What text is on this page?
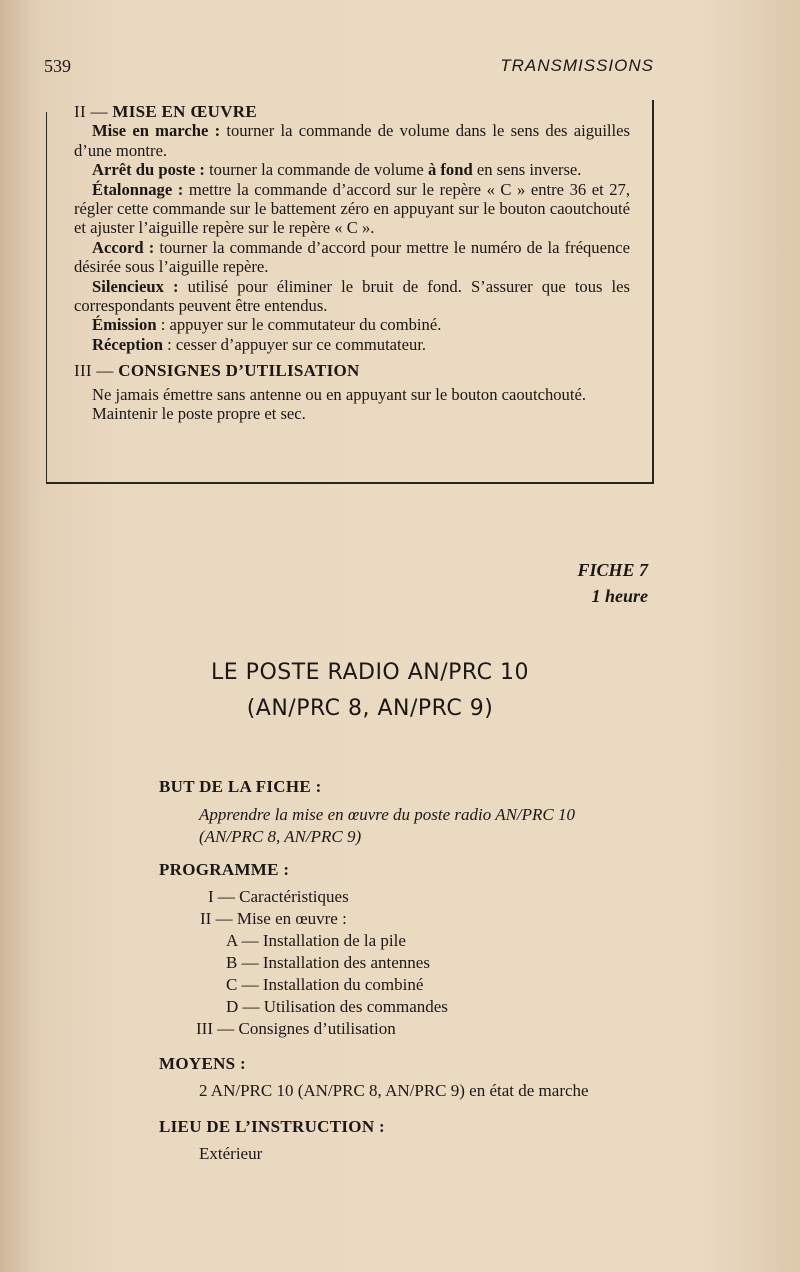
539	TRANSMISSIONS

II — MISE EN ŒUVRE

Mise en marche : tourner la commande de volume dans le sens des aiguilles d’une montre.

Arrêt du poste : tourner la commande de volume à fond en sens inverse.

Étalonnage : mettre la commande d’accord sur le repère « C » entre 36 et 27, régler cette commande sur le battement zéro en appuyant sur le bouton caoutchouté et ajuster l’aiguille repère sur le repère « C ».

Accord : tourner la commande d’accord pour mettre le numéro de la fréquence désirée sous l’aiguille repère.

Silencieux : utilisé pour éliminer le bruit de fond. S’assurer que tous les correspondants peuvent être entendus.

Émission : appuyer sur le commutateur du combiné.

Réception : cesser d’appuyer sur ce commutateur.

III — CONSIGNES D’UTILISATION

Ne jamais émettre sans antenne ou en appuyant sur le bouton caoutchouté.

Maintenir le poste propre et sec.

FICHE 7
1 heure
LE POSTE RADIO AN/PRC 10
(AN/PRC 8, AN/PRC 9)
BUT DE LA FICHE :
Apprendre la mise en œuvre du poste radio AN/PRC 10
(AN/PRC 8, AN/PRC 9)
PROGRAMME :
I — Caractéristiques
II — Mise en œuvre :
A — Installation de la pile
B — Installation des antennes
C — Installation du combiné
D — Utilisation des commandes
III — Consignes d’utilisation
MOYENS :
2 AN/PRC 10 (AN/PRC 8, AN/PRC 9) en état de marche
LIEU DE L’INSTRUCTION :
Extérieur
